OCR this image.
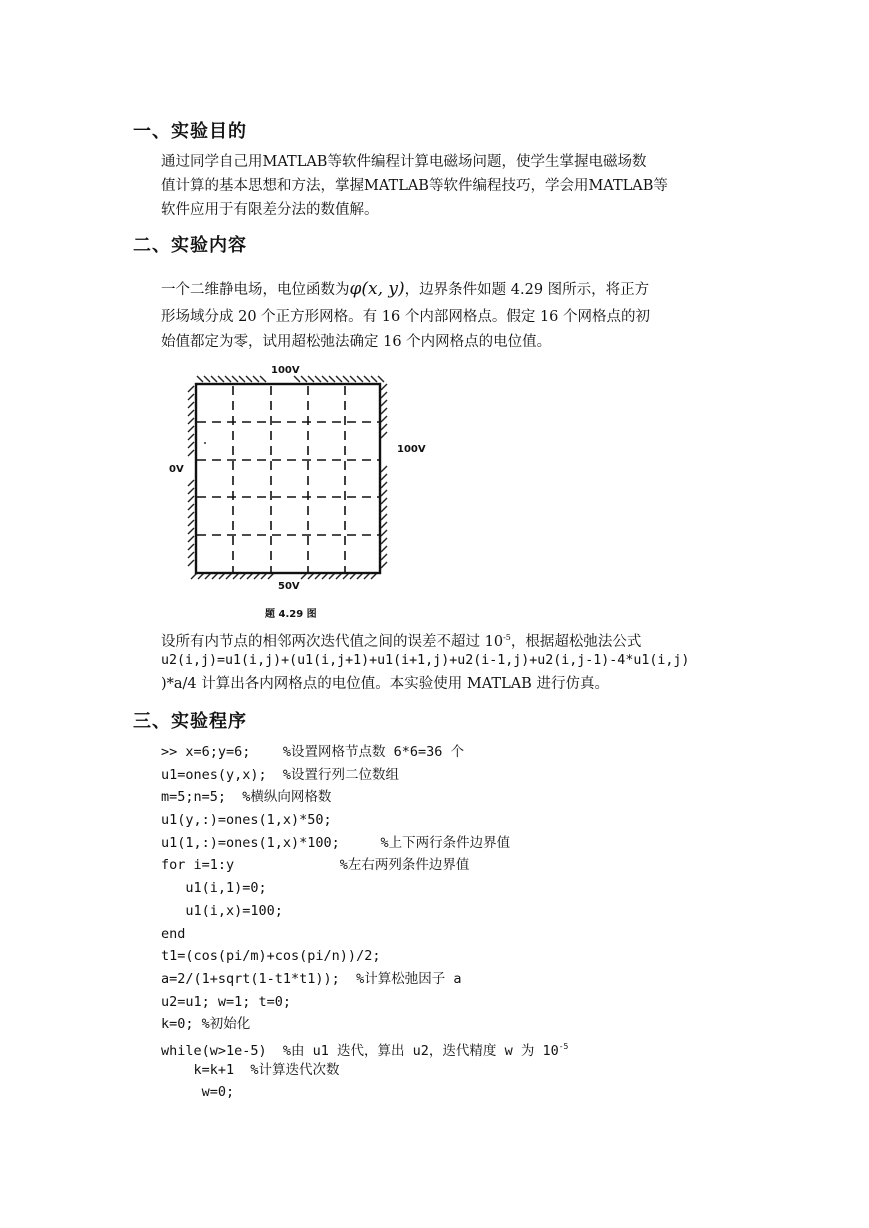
一、实验目的
通过同学自己用MATLAB等软件编程计算电磁场问题，使学生掌握电磁场数
值计算的基本思想和方法，掌握MATLAB等软件编程技巧，学会用MATLAB等
软件应用于有限差分法的数值解。
二、实验内容
一个二维静电场，电位函数为φ(x, y)，边界条件如题 4.29 图所示，将正方
形场域分成 20 个正方形网格。有 16 个内部网格点。假定 16 个网格点的初
始值都定为零，试用超松弛法确定 16 个内网格点的电位值。
100V
100V
0V
50V
题 4.29 图
设所有内节点的相邻两次迭代值之间的误差不超过 $10^{-5}$，根据超松弛法公式
u2(i,j)=u1(i,j)+(u1(i,j+1)+u1(i+1,j)+u2(i-1,j)+u2(i,j-1)-4*u1(i,j)
)*a/4 计算出各内网格点的电位值。本实验使用 MATLAB 进行仿真。
三、实验程序
>> x=6;y=6;    %设置网格节点数 6*6=36 个
u1=ones(y,x);  %设置行列二位数组
m=5;n=5;  %横纵向网格数
u1(y,:)=ones(1,x)*50;
u1(1,:)=ones(1,x)*100;     %上下两行条件边界值
for i=1:y             %左右两列条件边界值
u1(i,1)=0;
u1(i,x)=100;
end
t1=(cos(pi/m)+cos(pi/n))/2;
a=2/(1+sqrt(1-t1*t1));  %计算松弛因子 a
u2=u1; w=1; t=0;
k=0; %初始化
while(w>1e-5)  %由 u1 迭代，算出 u2，迭代精度 w 为 $10^{-5}$
k=k+1  %计算迭代次数
w=0;
